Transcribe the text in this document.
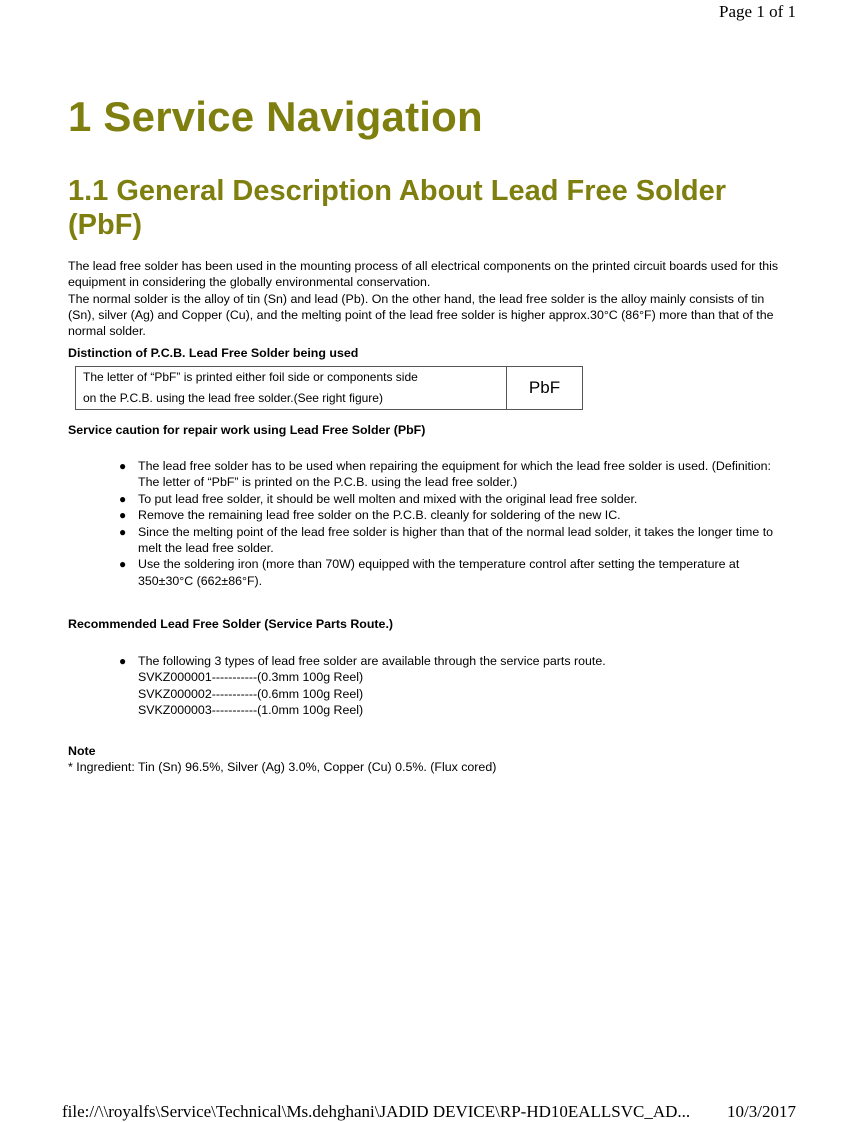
Page 1 of 1
1 Service Navigation
1.1 General Description About Lead Free Solder (PbF)

The lead free solder has been used in the mounting process of all electrical components on the printed circuit boards used for this equipment in considering the globally environmental conservation.

The normal solder is the alloy of tin (Sn) and lead (Pb). On the other hand, the lead free solder is the alloy mainly consists of tin (Sn), silver (Ag) and Copper (Cu), and the melting point of the lead free solder is higher approx.30°C (86°F) more than that of the normal solder.

Distinction of P.C.B. Lead Free Solder being used

The letter of “PbF” is printed either foil side or components side
on the P.C.B. using the lead free solder.(See right figure)
PbF

Service caution for repair work using Lead Free Solder (PbF)

● The lead free solder has to be used when repairing the equipment for which the lead free solder is used. (Definition: The letter of “PbF” is printed on the P.C.B. using the lead free solder.)
● To put lead free solder, it should be well molten and mixed with the original lead free solder.
● Remove the remaining lead free solder on the P.C.B. cleanly for soldering of the new IC.
● Since the melting point of the lead free solder is higher than that of the normal lead solder, it takes the longer time to melt the lead free solder.
● Use the soldering iron (more than 70W) equipped with the temperature control after setting the temperature at 350±30°C (662±86°F).

Recommended Lead Free Solder (Service Parts Route.)

● The following 3 types of lead free solder are available through the service parts route.
SVKZ000001-----------(0.3mm 100g Reel)
SVKZ000002-----------(0.6mm 100g Reel)
SVKZ000003-----------(1.0mm 100g Reel)

Note

* Ingredient: Tin (Sn) 96.5%, Silver (Ag) 3.0%, Copper (Cu) 0.5%. (Flux cored)

file://\\royalfs\Service\Technical\Ms.dehghani\JADID DEVICE\RP-HD10EALLSVC_AD... 10/3/2017
